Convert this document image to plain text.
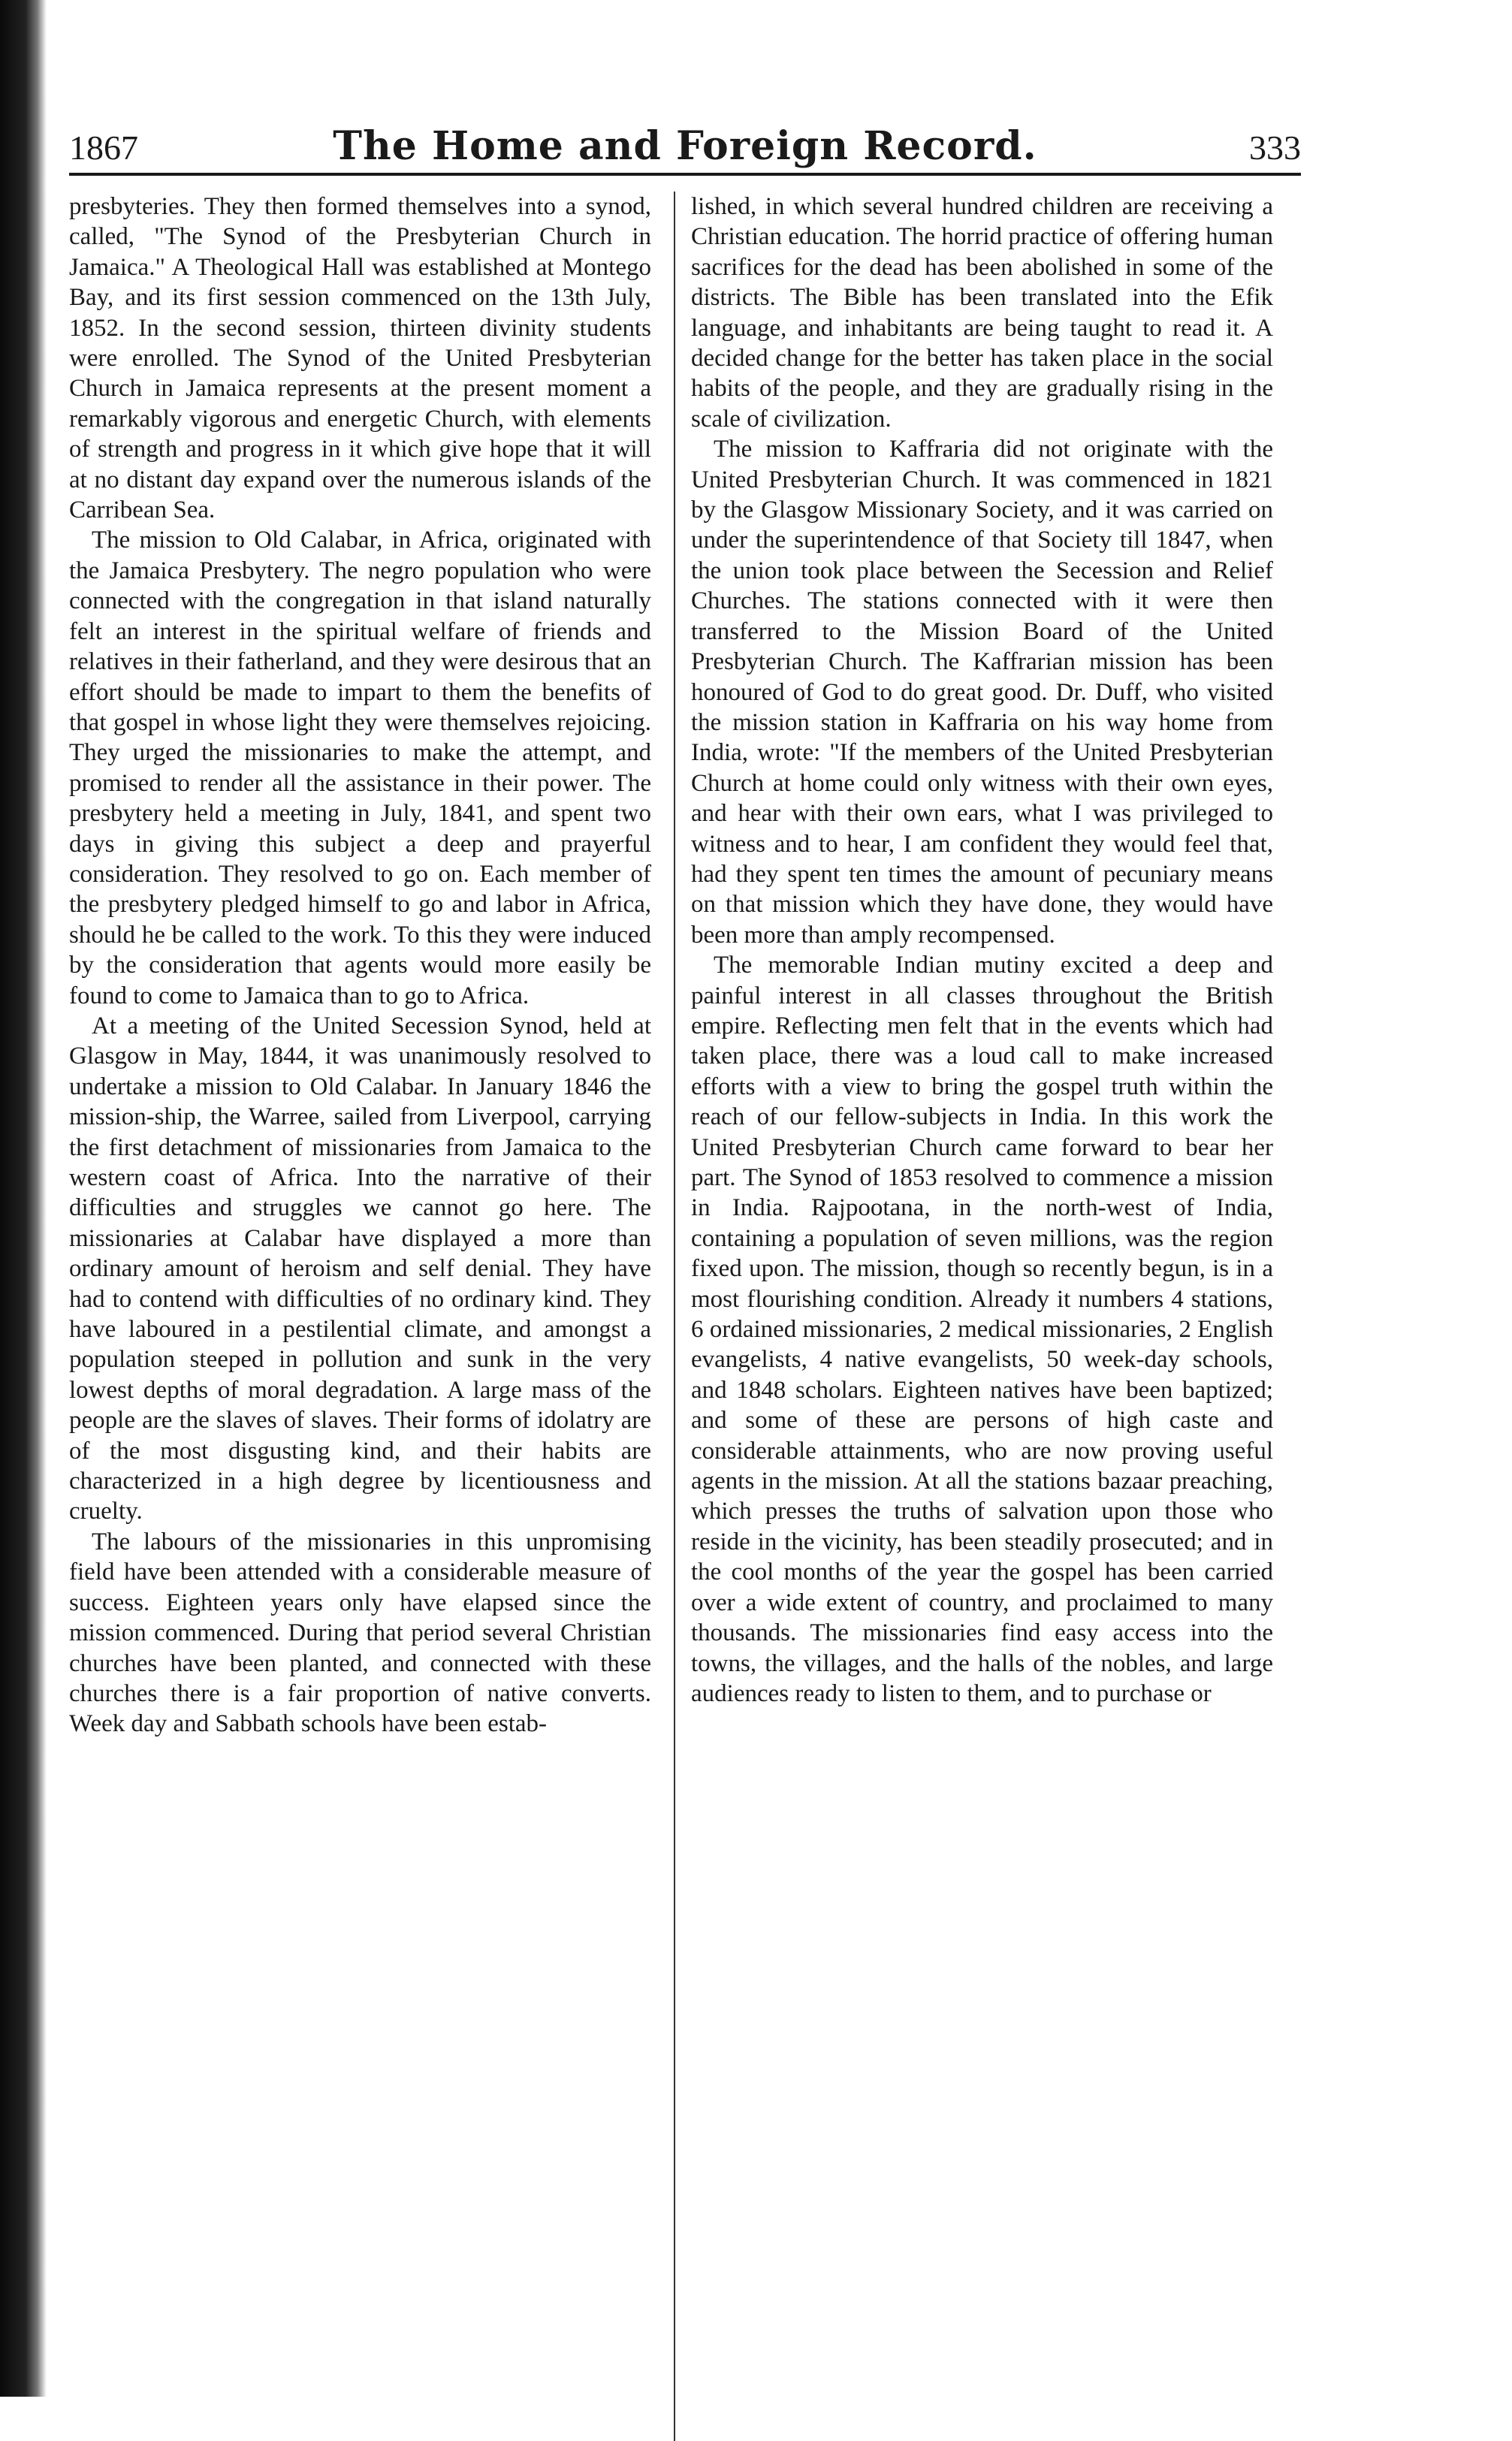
1867	The Home and Foreign Record.	333

presbyteries. They then formed themselves into a synod, called, "The Synod of the Presbyterian Church in Jamaica." A Theological Hall was established at Montego Bay, and its first session commenced on the 13th July, 1852. In the second session, thirteen divinity students were enrolled. The Synod of the United Presbyterian Church in Jamaica represents at the present moment a remarkably vigorous and energetic Church, with elements of strength and progress in it which give hope that it will at no distant day expand over the numerous islands of the Carribean Sea.

The mission to Old Calabar, in Africa, originated with the Jamaica Presbytery. The negro population who were connected with the congregation in that island naturally felt an interest in the spiritual welfare of friends and relatives in their fatherland, and they were desirous that an effort should be made to impart to them the benefits of that gospel in whose light they were themselves rejoicing. They urged the missionaries to make the attempt, and promised to render all the assistance in their power. The presbytery held a meeting in July, 1841, and spent two days in giving this subject a deep and prayerful consideration. They resolved to go on. Each member of the presbytery pledged himself to go and labor in Africa, should he be called to the work. To this they were induced by the consideration that agents would more easily be found to come to Jamaica than to go to Africa.

At a meeting of the United Secession Synod, held at Glasgow in May, 1844, it was unanimously resolved to undertake a mission to Old Calabar. In January 1846 the mission-ship, the Warree, sailed from Liverpool, carrying the first detachment of missionaries from Jamaica to the western coast of Africa. Into the narrative of their difficulties and struggles we cannot go here. The missionaries at Calabar have displayed a more than ordinary amount of heroism and self denial. They have had to contend with difficulties of no ordinary kind. They have laboured in a pestilential climate, and amongst a population steeped in pollution and sunk in the very lowest depths of moral degradation. A large mass of the people are the slaves of slaves. Their forms of idolatry are of the most disgusting kind, and their habits are characterized in a high degree by licentiousness and cruelty.

The labours of the missionaries in this unpromising field have been attended with a considerable measure of success. Eighteen years only have elapsed since the mission commenced. During that period several Christian churches have been planted, and connected with these churches there is a fair proportion of native converts. Week day and Sabbath schools have been estab-

lished, in which several hundred children are receiving a Christian education. The horrid practice of offering human sacrifices for the dead has been abolished in some of the districts. The Bible has been translated into the Efik language, and inhabitants are being taught to read it. A decided change for the better has taken place in the social habits of the people, and they are gradually rising in the scale of civilization.

The mission to Kaffraria did not originate with the United Presbyterian Church. It was commenced in 1821 by the Glasgow Missionary Society, and it was carried on under the superintendence of that Society till 1847, when the union took place between the Secession and Relief Churches. The stations connected with it were then transferred to the Mission Board of the United Presbyterian Church. The Kaffrarian mission has been honoured of God to do great good. Dr. Duff, who visited the mission station in Kaffraria on his way home from India, wrote: "If the members of the United Presbyterian Church at home could only witness with their own eyes, and hear with their own ears, what I was privileged to witness and to hear, I am confident they would feel that, had they spent ten times the amount of pecuniary means on that mission which they have done, they would have been more than amply recompensed.

The memorable Indian mutiny excited a deep and painful interest in all classes throughout the British empire. Reflecting men felt that in the events which had taken place, there was a loud call to make increased efforts with a view to bring the gospel truth within the reach of our fellow-subjects in India. In this work the United Presbyterian Church came forward to bear her part. The Synod of 1853 resolved to commence a mission in India. Rajpootana, in the north-west of India, containing a population of seven millions, was the region fixed upon. The mission, though so recently begun, is in a most flourishing condition. Already it numbers 4 stations, 6 ordained missionaries, 2 medical missionaries, 2 English evangelists, 4 native evangelists, 50 week-day schools, and 1848 scholars. Eighteen natives have been baptized; and some of these are persons of high caste and considerable attainments, who are now proving useful agents in the mission. At all the stations bazaar preaching, which presses the truths of salvation upon those who reside in the vicinity, has been steadily prosecuted; and in the cool months of the year the gospel has been carried over a wide extent of country, and proclaimed to many thousands. The missionaries find easy access into the towns, the villages, and the halls of the nobles, and large audiences ready to listen to them, and to purchase or
